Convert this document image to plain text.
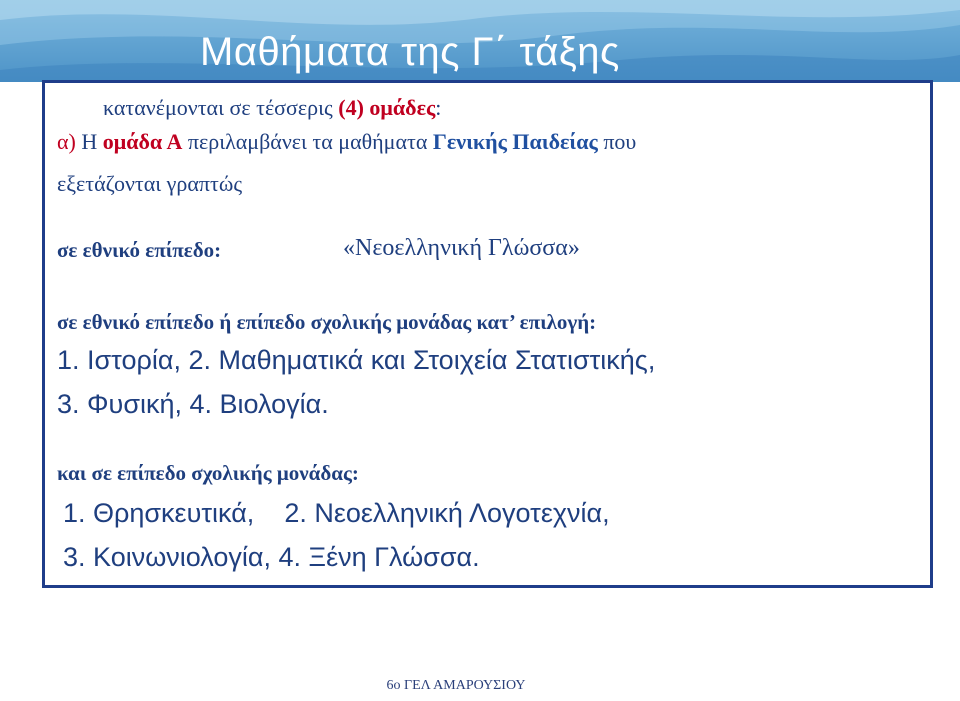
Μαθήματα της Γ΄ τάξης
κατανέμονται σε τέσσερις (4) ομάδες:
α) Η ομάδα Α περιλαμβάνει τα μαθήματα Γενικής Παιδείας που
εξετάζονται γραπτώς
σε εθνικό επίπεδο:	«Νεοελληνική Γλώσσα»
σε εθνικό επίπεδο ή επίπεδο σχολικής μονάδας κατ’ επιλογή:
1. Ιστορία, 2. Μαθηματικά και Στοιχεία Στατιστικής,
3. Φυσική, 4. Βιολογία.
και σε επίπεδο σχολικής μονάδας:
1. Θρησκευτικά,    2. Νεοελληνική Λογοτεχνία,
3. Κοινωνιολογία, 4. Ξένη Γλώσσα.
6ο ΓΕΛ ΑΜΑΡΟΥΣΙΟΥ
